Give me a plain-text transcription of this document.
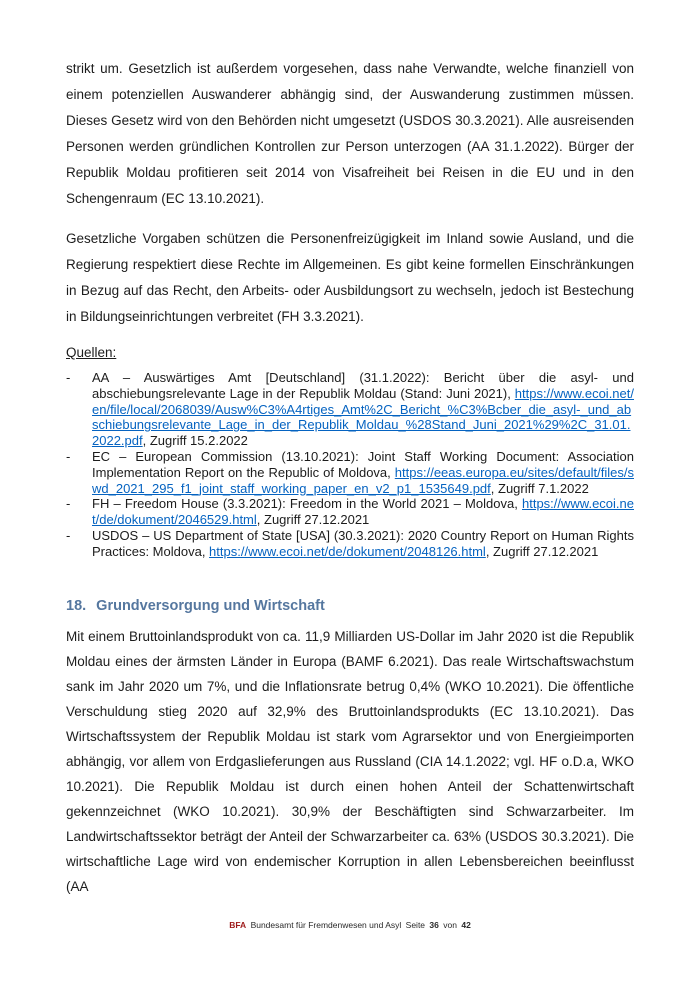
strikt um. Gesetzlich ist außerdem vorgesehen, dass nahe Verwandte, welche finanziell von einem potenziellen Auswanderer abhängig sind, der Auswanderung zustimmen müssen. Dieses Gesetz wird von den Behörden nicht umgesetzt (USDOS 30.3.2021). Alle ausreisenden Personen werden gründlichen Kontrollen zur Person unterzogen (AA 31.1.2022). Bürger der Republik Moldau profitieren seit 2014 von Visafreiheit bei Reisen in die EU und in den Schengenraum (EC 13.10.2021).

Gesetzliche Vorgaben schützen die Personenfreizügigkeit im Inland sowie Ausland, und die Regierung respektiert diese Rechte im Allgemeinen. Es gibt keine formellen Einschränkungen in Bezug auf das Recht, den Arbeits- oder Ausbildungsort zu wechseln, jedoch ist Bestechung in Bildungseinrichtungen verbreitet (FH 3.3.2021).

Quellen:
-	AA – Auswärtiges Amt [Deutschland] (31.1.2022): Bericht über die asyl- und abschiebungsrelevante Lage in der Republik Moldau (Stand: Juni 2021), https://www.ecoi.net/en/file/local/2068039/Ausw%C3%A4rtiges_Amt%2C_Bericht_%C3%Bcber_die_asyl-_und_abschiebungsrelevante_Lage_in_der_Republik_Moldau_%28Stand_Juni_2021%29%2C_31.01.2022.pdf, Zugriff 15.2.2022
-	EC – European Commission (13.10.2021): Joint Staff Working Document: Association Implementation Report on the Republic of Moldova, https://eeas.europa.eu/sites/default/files/swd_2021_295_f1_joint_staff_working_paper_en_v2_p1_1535649.pdf, Zugriff 7.1.2022
-	FH – Freedom House (3.3.2021): Freedom in the World 2021 – Moldova, https://www.ecoi.net/de/dokument/2046529.html, Zugriff 27.12.2021
-	USDOS – US Department of State [USA] (30.3.2021): 2020 Country Report on Human Rights Practices: Moldova, https://www.ecoi.net/de/dokument/2048126.html, Zugriff 27.12.2021
18. Grundversorgung und Wirtschaft

Mit einem Bruttoinlandsprodukt von ca. 11,9 Milliarden US-Dollar im Jahr 2020 ist die Republik Moldau eines der ärmsten Länder in Europa (BAMF 6.2021). Das reale Wirtschaftswachstum sank im Jahr 2020 um 7%, und die Inflationsrate betrug 0,4% (WKO 10.2021). Die öffentliche Verschuldung stieg 2020 auf 32,9% des Bruttoinlandsprodukts (EC 13.10.2021). Das Wirtschaftssystem der Republik Moldau ist stark vom Agrarsektor und von Energieimporten abhängig, vor allem von Erdgaslieferungen aus Russland (CIA 14.1.2022; vgl. HF o.D.a, WKO 10.2021). Die Republik Moldau ist durch einen hohen Anteil der Schattenwirtschaft gekennzeichnet (WKO 10.2021). 30,9% der Beschäftigten sind Schwarzarbeiter. Im Landwirtschaftssektor beträgt der Anteil der Schwarzarbeiter ca. 63% (USDOS 30.3.2021). Die wirtschaftliche Lage wird von endemischer Korruption in allen Lebensbereichen beeinflusst (AA

BFA Bundesamt für Fremdenwesen und Asyl Seite 36 von 42
